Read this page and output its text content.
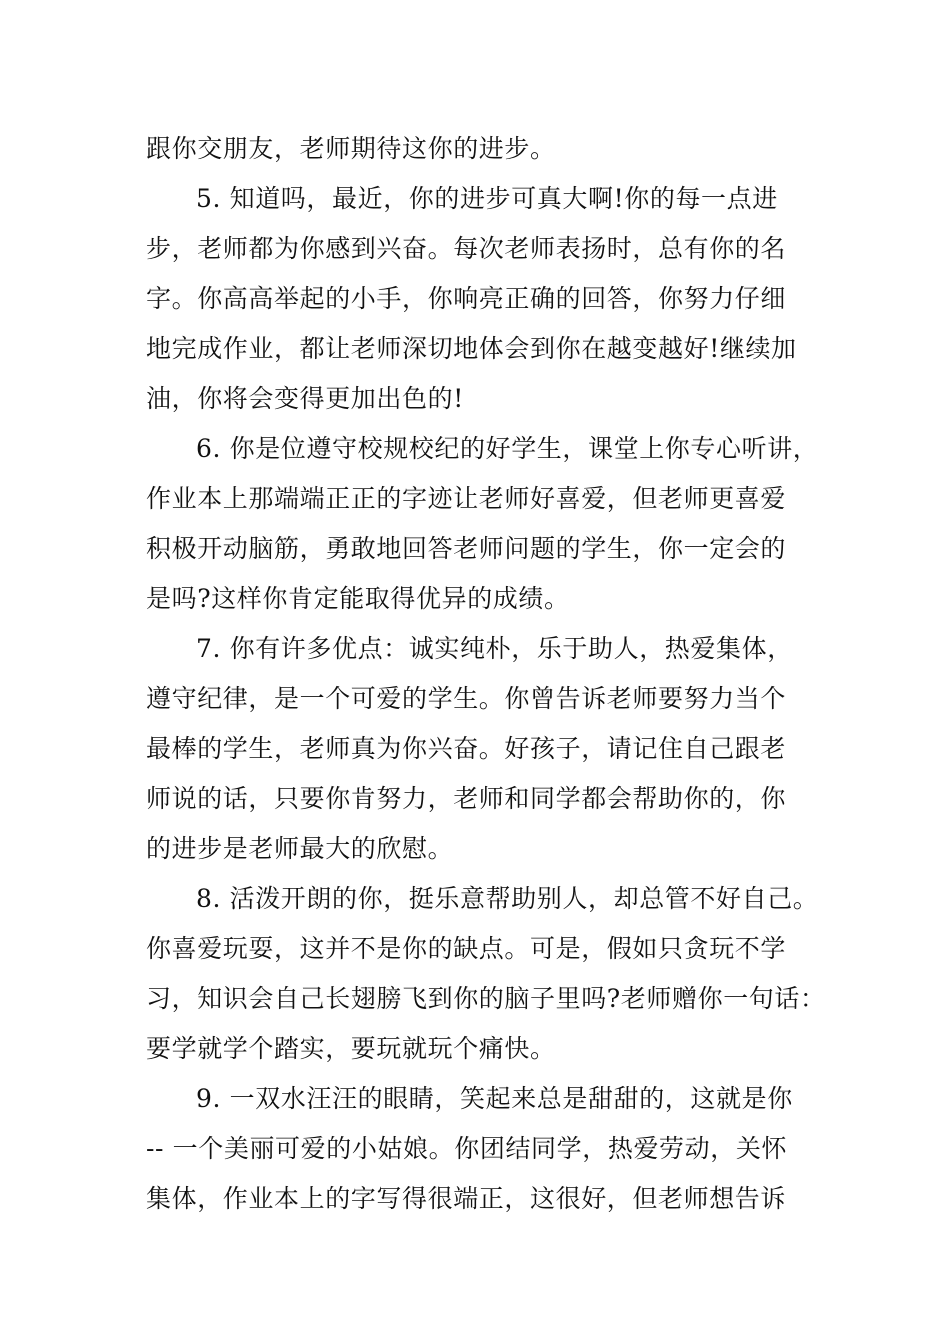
跟你交朋友，老师期待这你的进步。
5. 知道吗，最近，你的进步可真大啊!你的每一点进
步，老师都为你感到兴奋。每次老师表扬时，总有你的名
字。你高高举起的小手，你响亮正确的回答，你努力仔细
地完成作业，都让老师深切地体会到你在越变越好!继续加
油，你将会变得更加出色的!
6. 你是位遵守校规校纪的好学生，课堂上你专心听讲，
作业本上那端端正正的字迹让老师好喜爱，但老师更喜爱
积极开动脑筋，勇敢地回答老师问题的学生，你一定会的
是吗?这样你肯定能取得优异的成绩。
7. 你有许多优点：诚实纯朴，乐于助人，热爱集体，
遵守纪律，是一个可爱的学生。你曾告诉老师要努力当个
最棒的学生，老师真为你兴奋。好孩子，请记住自己跟老
师说的话，只要你肯努力，老师和同学都会帮助你的，你
的进步是老师最大的欣慰。
8. 活泼开朗的你，挺乐意帮助别人，却总管不好自己。
你喜爱玩耍，这并不是你的缺点。可是，假如只贪玩不学
习，知识会自己长翅膀飞到你的脑子里吗?老师赠你一句话：
要学就学个踏实，要玩就玩个痛快。
9. 一双水汪汪的眼睛，笑起来总是甜甜的，这就是你
-- 一个美丽可爱的小姑娘。你团结同学，热爱劳动，关怀
集体，作业本上的字写得很端正，这很好，但老师想告诉
